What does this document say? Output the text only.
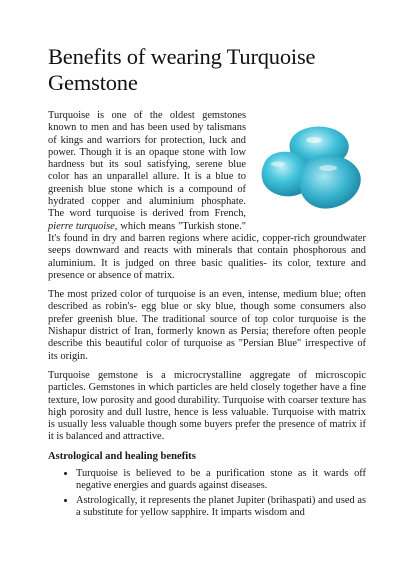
Benefits of wearing Turquoise
Gemstone

Turquoise is one of the oldest gemstones known to men and has been used by talismans of kings and warriors for protection, luck and power. Though it is an opaque stone with low hardness but its soul satisfying, serene blue color has an unparallel allure. It is a blue to greenish blue stone which is a compound of hydrated copper and aluminium phosphate. The word turquoise is derived from French, pierre turquoise, which means "Turkish stone." It's found in dry and barren regions where acidic, copper-rich groundwater seeps downward and reacts with minerals that contain phosphorous and aluminium. It is judged on three basic qualities- its color, texture and presence or absence of matrix.

The most prized color of turquoise is an even, intense, medium blue; often described as robin's- egg blue or sky blue, though some consumers also prefer greenish blue. The traditional source of top color turquoise is the Nishapur district of Iran, formerly known as Persia; therefore often people describe this beautiful color of turquoise as "Persian Blue" irrespective of its origin.

Turquoise gemstone is a microcrystalline aggregate of microscopic particles. Gemstones in which particles are held closely together have a fine texture, low porosity and good durability. Turquoise with coarser texture has high porosity and dull lustre, hence is less valuable. Turquoise with matrix is usually less valuable though some buyers prefer the presence of matrix if it is balanced and attractive.

Astrological and healing benefits
• Turquoise is believed to be a purification stone as it wards off negative energies and guards against diseases.
• Astrologically, it represents the planet Jupiter (brihaspati) and used as a substitute for yellow sapphire. It imparts wisdom and
